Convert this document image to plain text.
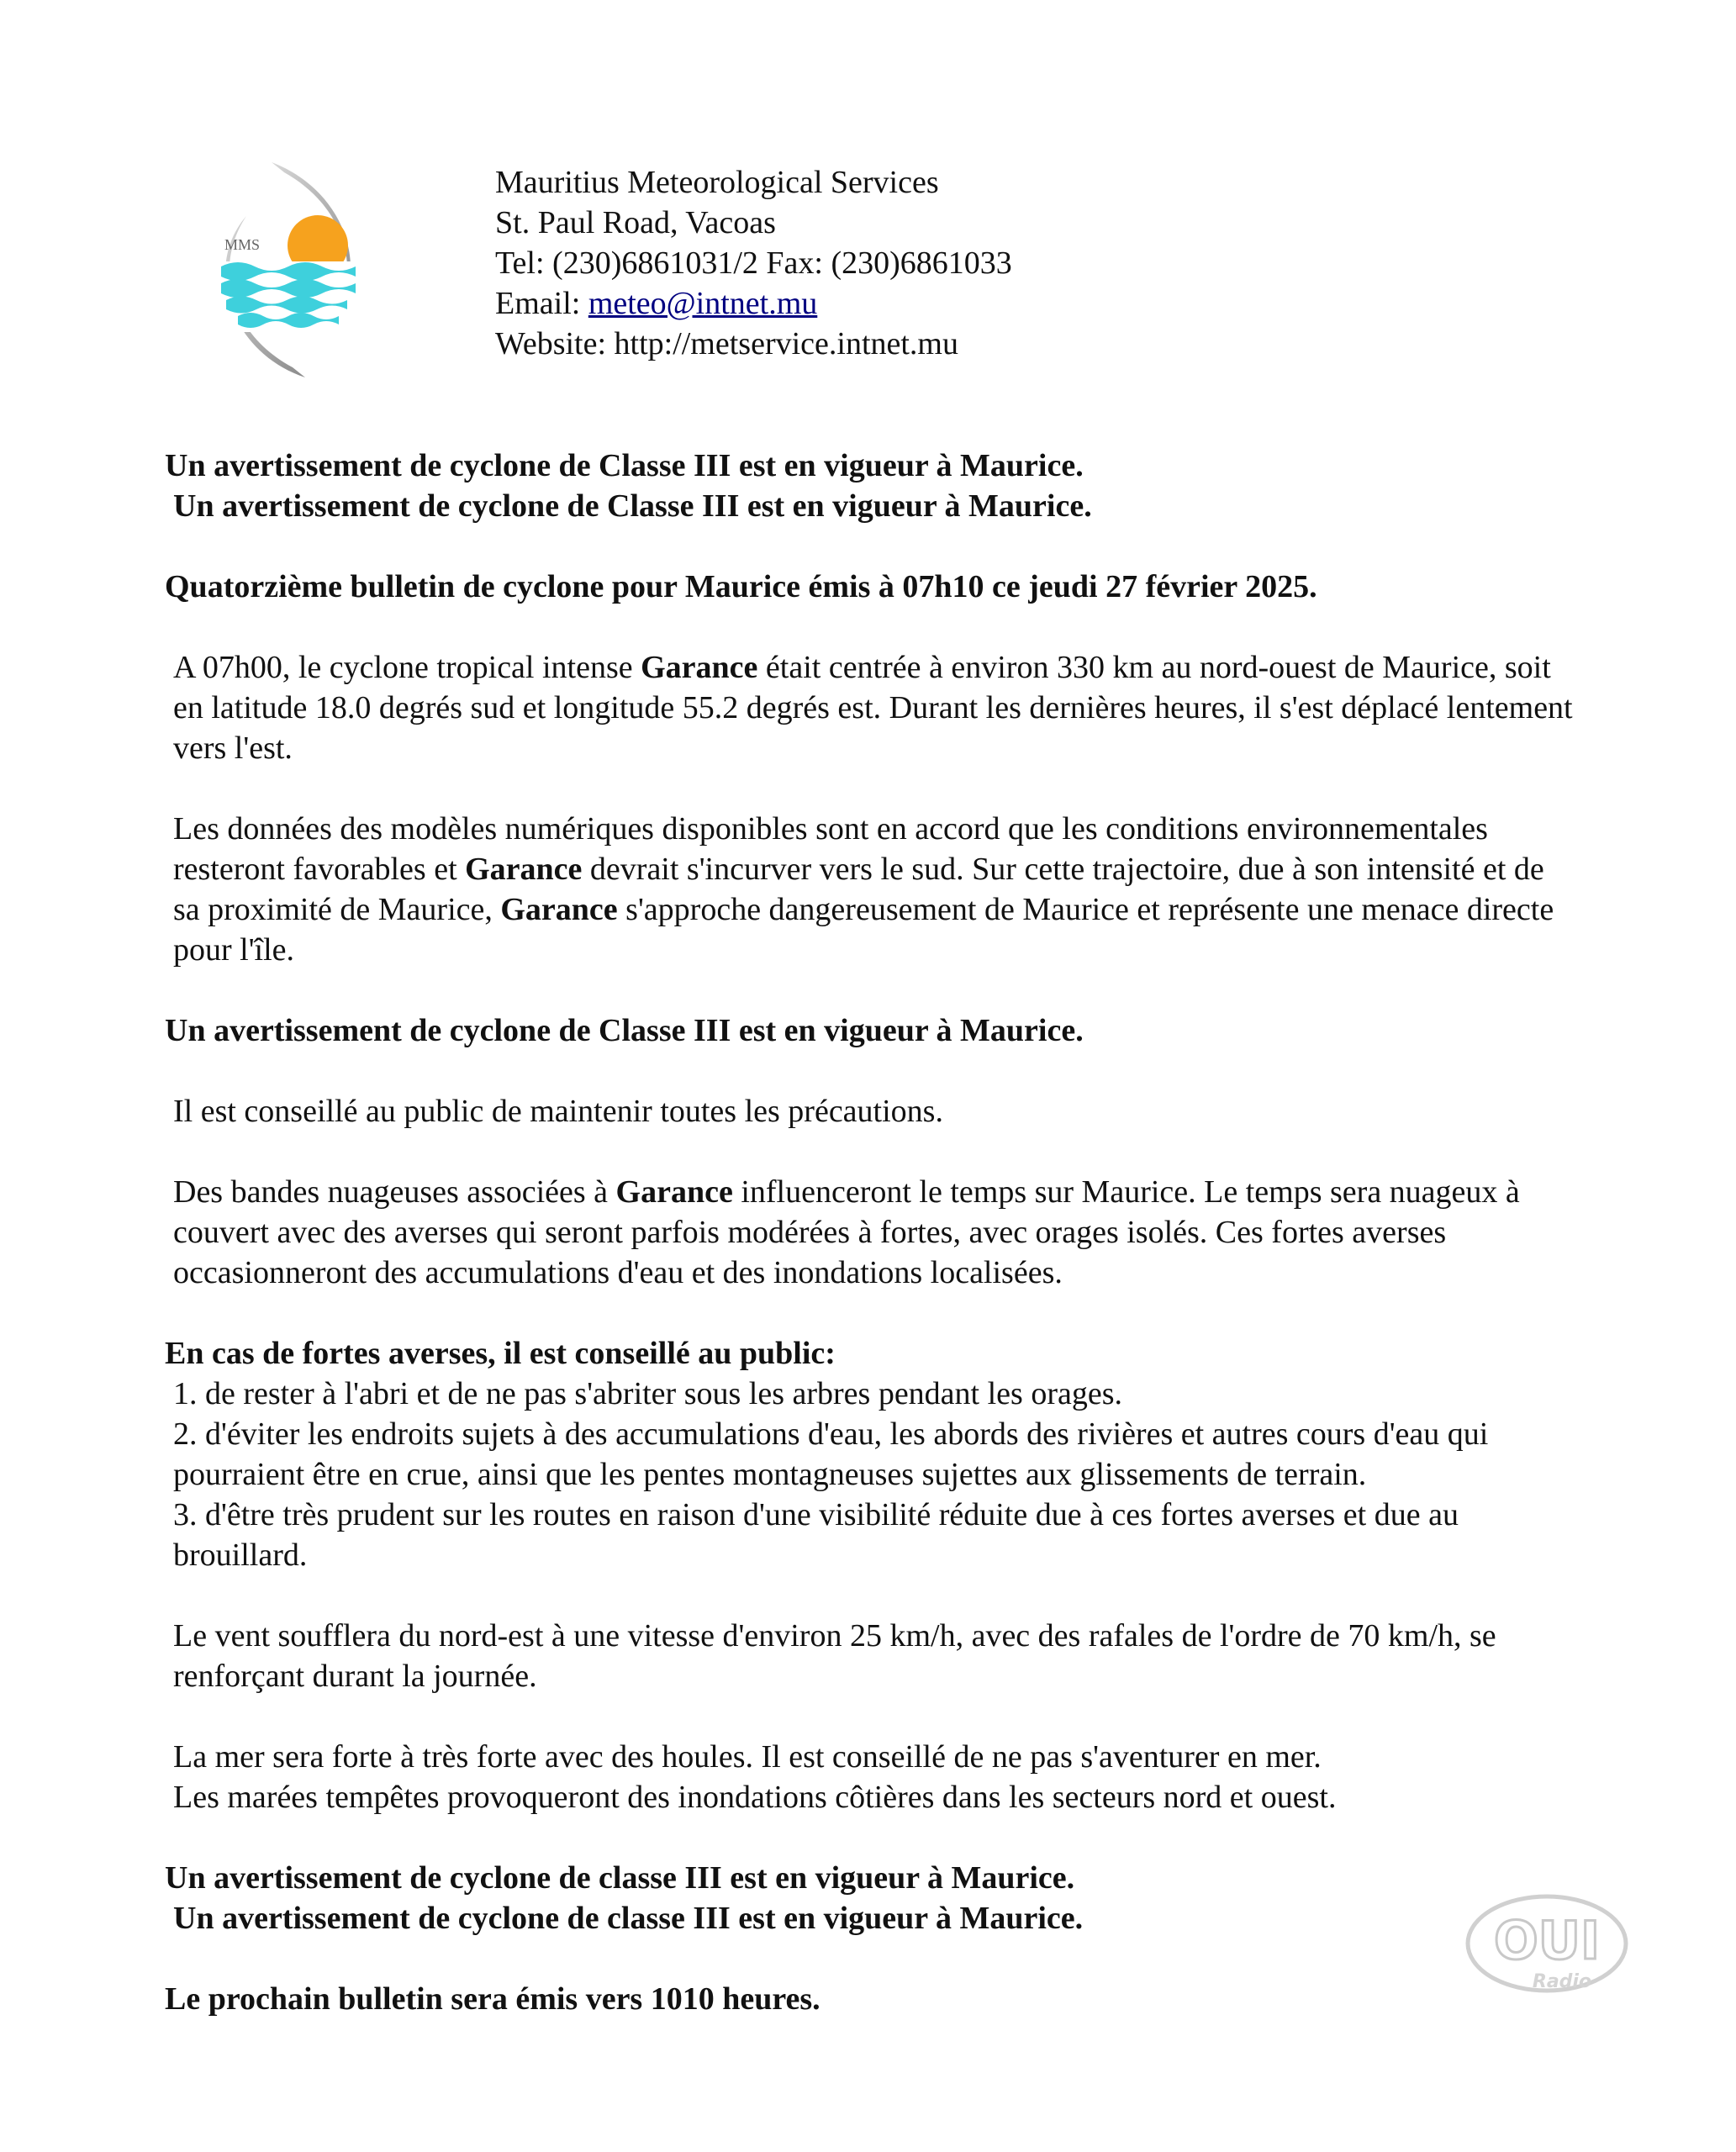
MMS
Mauritius Meteorological Services
St. Paul Road, Vacoas
Tel: (230)6861031/2 Fax: (230)6861033
Email: meteo@intnet.mu
Website: http://metservice.intnet.mu

Un avertissement de cyclone de Classe III est en vigueur à Maurice.

Un avertissement de cyclone de Classe III est en vigueur à Maurice.

Quatorzième bulletin de cyclone pour Maurice émis à 07h10 ce jeudi 27 février 2025.

A 07h00, le cyclone tropical intense Garance était centrée à environ 330 km au nord-ouest de Maurice, soit en latitude 18.0 degrés sud et longitude 55.2 degrés est. Durant les dernières heures, il s'est déplacé lentement vers l'est.

Les données des modèles numériques disponibles sont en accord que les conditions environnementales resteront favorables et Garance devrait s'incurver vers le sud. Sur cette trajectoire, due à son intensité et de sa proximité de Maurice, Garance s'approche dangereusement de Maurice et représente une menace directe pour l'île.

Un avertissement de cyclone de Classe III est en vigueur à Maurice.

Il est conseillé au public de maintenir toutes les précautions.

Des bandes nuageuses associées à Garance influenceront le temps sur Maurice. Le temps sera nuageux à couvert avec des averses qui seront parfois modérées à fortes, avec orages isolés. Ces fortes averses occasionneront des accumulations d'eau et des inondations localisées.

En cas de fortes averses, il est conseillé au public:

1. de rester à l'abri et de ne pas s'abriter sous les arbres pendant les orages.

2. d'éviter les endroits sujets à des accumulations d'eau, les abords des rivières et autres cours d'eau qui pourraient être en crue, ainsi que les pentes montagneuses sujettes aux glissements de terrain.

3. d'être très prudent sur les routes en raison d'une visibilité réduite due à ces fortes averses et due au brouillard.

Le vent soufflera du nord-est à une vitesse d'environ 25 km/h, avec des rafales de l'ordre de 70 km/h, se renforçant durant la journée.

La mer sera forte à très forte avec des houles. Il est conseillé de ne pas s'aventurer en mer.

Les marées tempêtes provoqueront des inondations côtières dans les secteurs nord et ouest.

Un avertissement de cyclone de classe III est en vigueur à Maurice.

Un avertissement de cyclone de classe III est en vigueur à Maurice.

Le prochain bulletin sera émis vers 1010 heures.

OUI
Radio
